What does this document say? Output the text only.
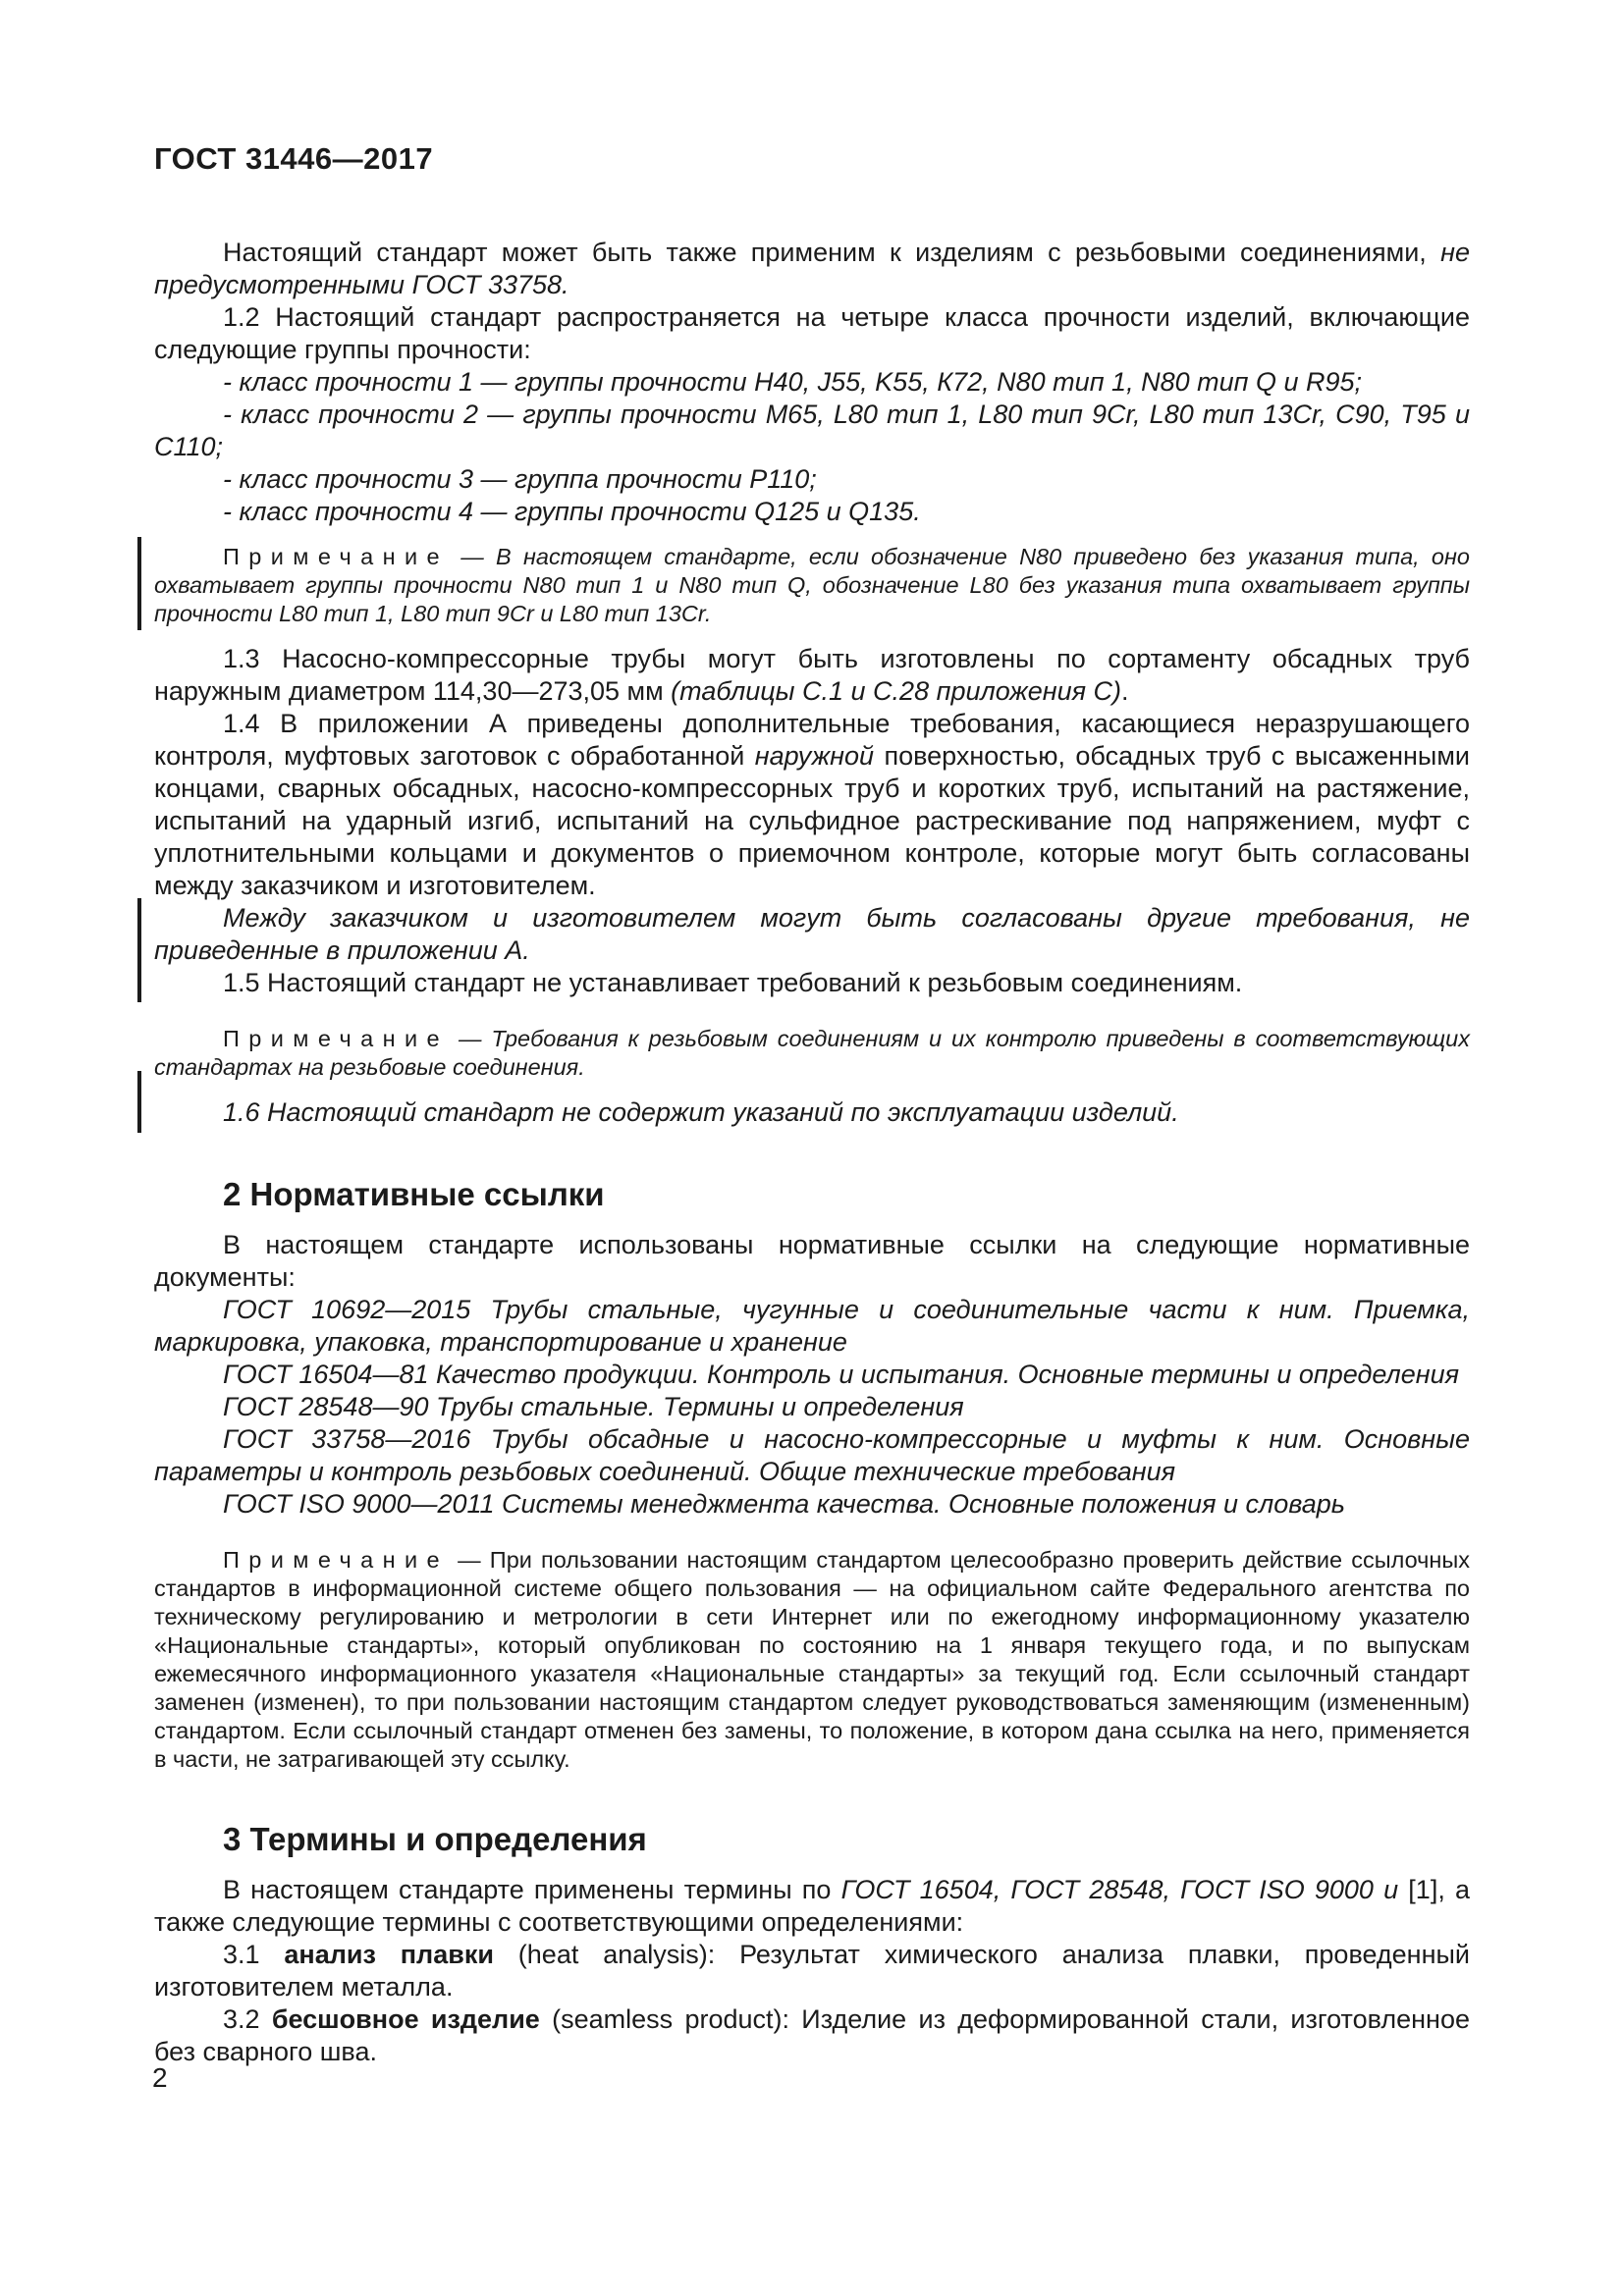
ГОСТ 31446—2017

Настоящий стандарт может быть также применим к изделиям с резьбовыми соединениями, не предусмотренными ГОСТ 33758.

1.2 Настоящий стандарт распространяется на четыре класса прочности изделий, включающие следующие группы прочности:

- класс прочности 1 — группы прочности H40, J55, K55, К72, N80 тип 1, N80 тип Q и R95;

- класс прочности 2 — группы прочности M65, L80 тип 1, L80 тип 9Cr, L80 тип 13Cr, C90, T95 и С110;

- класс прочности 3 — группа прочности P110;

- класс прочности 4 — группы прочности Q125 и Q135.

Примечание — В настоящем стандарте, если обозначение N80 приведено без указания типа, оно охватывает группы прочности N80 тип 1 и N80 тип Q, обозначение L80 без указания типа охватывает группы прочности L80 тип 1, L80 тип 9Cr и L80 тип 13Cr.

1.3 Насосно-компрессорные трубы могут быть изготовлены по сортаменту обсадных труб наружным диаметром 114,30—273,05 мм (таблицы С.1 и С.28 приложения С).

1.4 В приложении А приведены дополнительные требования, касающиеся неразрушающего контроля, муфтовых заготовок с обработанной наружной поверхностью, обсадных труб с высаженными концами, сварных обсадных, насосно-компрессорных труб и коротких труб, испытаний на растяжение, испытаний на ударный изгиб, испытаний на сульфидное растрескивание под напряжением, муфт с уплотнительными кольцами и документов о приемочном контроле, которые могут быть согласованы между заказчиком и изготовителем.

Между заказчиком и изготовителем могут быть согласованы другие требования, не приведенные в приложении А.

1.5 Настоящий стандарт не устанавливает требований к резьбовым соединениям.

Примечание — Требования к резьбовым соединениям и их контролю приведены в соответствующих стандартах на резьбовые соединения.

1.6 Настоящий стандарт не содержит указаний по эксплуатации изделий.

2 Нормативные ссылки

В настоящем стандарте использованы нормативные ссылки на следующие нормативные документы:

ГОСТ 10692—2015 Трубы стальные, чугунные и соединительные части к ним. Приемка, маркировка, упаковка, транспортирование и хранение

ГОСТ 16504—81 Качество продукции. Контроль и испытания. Основные термины и определения

ГОСТ 28548—90 Трубы стальные. Термины и определения

ГОСТ 33758—2016 Трубы обсадные и насосно-компрессорные и муфты к ним. Основные параметры и контроль резьбовых соединений. Общие технические требования

ГОСТ ISO 9000—2011 Системы менеджмента качества. Основные положения и словарь

Примечание — При пользовании настоящим стандартом целесообразно проверить действие ссылочных стандартов в информационной системе общего пользования — на официальном сайте Федерального агентства по техническому регулированию и метрологии в сети Интернет или по ежегодному информационному указателю «Национальные стандарты», который опубликован по состоянию на 1 января текущего года, и по выпускам ежемесячного информационного указателя «Национальные стандарты» за текущий год. Если ссылочный стандарт заменен (изменен), то при пользовании настоящим стандартом следует руководствоваться заменяющим (измененным) стандартом. Если ссылочный стандарт отменен без замены, то положение, в котором дана ссылка на него, применяется в части, не затрагивающей эту ссылку.
3 Термины и определения

В настоящем стандарте применены термины по ГОСТ 16504, ГОСТ 28548, ГОСТ ISO 9000 и [1], а также следующие термины с соответствующими определениями:

3.1 анализ плавки (heat analysis): Результат химического анализа плавки, проведенный изготовителем металла.

3.2 бесшовное изделие (seamless product): Изделие из деформированной стали, изготовленное без сварного шва.

2
